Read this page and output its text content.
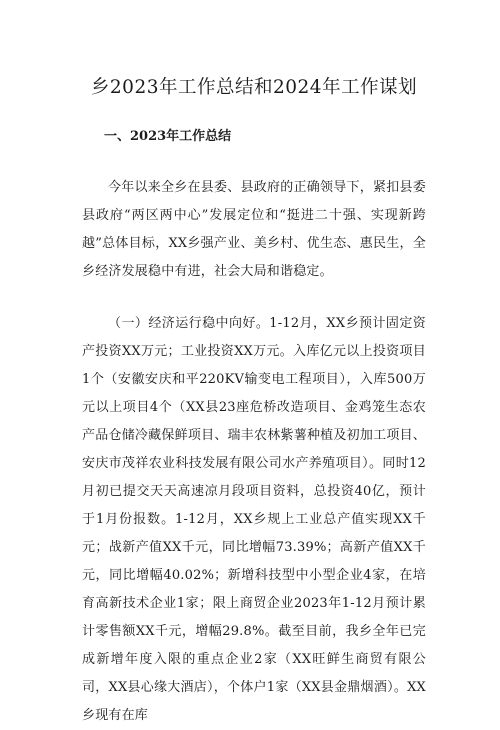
乡2023年工作总结和2024年工作谋划
一、2023年工作总结

今年以来全乡在县委、县政府的正确领导下，紧扣县委县政府“两区两中心”发展定位和“挺进二十强、实现新跨越”总体目标，XX乡强产业、美乡村、优生态、惠民生，全乡经济发展稳中有进，社会大局和谐稳定。

（一）经济运行稳中向好。1-12月，XX乡预计固定资产投资XX万元；工业投资XX万元。入库亿元以上投资项目1个（安徽安庆和平220KV输变电工程项目），入库500万元以上项目4个（XX县23座危桥改造项目、金鸡笼生态农产品仓储冷藏保鲜项目、瑞丰农林紫薯种植及初加工项目、安庆市茂祥农业科技发展有限公司水产养殖项目）。同时12月初已提交天天高速凉月段项目资料，总投资40亿，预计于1月份报数。1-12月，XX乡规上工业总产值实现XX千元；战新产值XX千元，同比增幅73.39%；高新产值XX千元，同比增幅40.02%；新增科技型中小型企业4家，在培育高新技术企业1家；限上商贸企业2023年1-12月预计累计零售额XX千元，增幅29.8%。截至目前，我乡全年已完成新增年度入限的重点企业2家（XX旺鲜生商贸有限公司，XX县心缘大酒店），个体户1家（XX县金鼎烟酒）。XX乡现有在库
